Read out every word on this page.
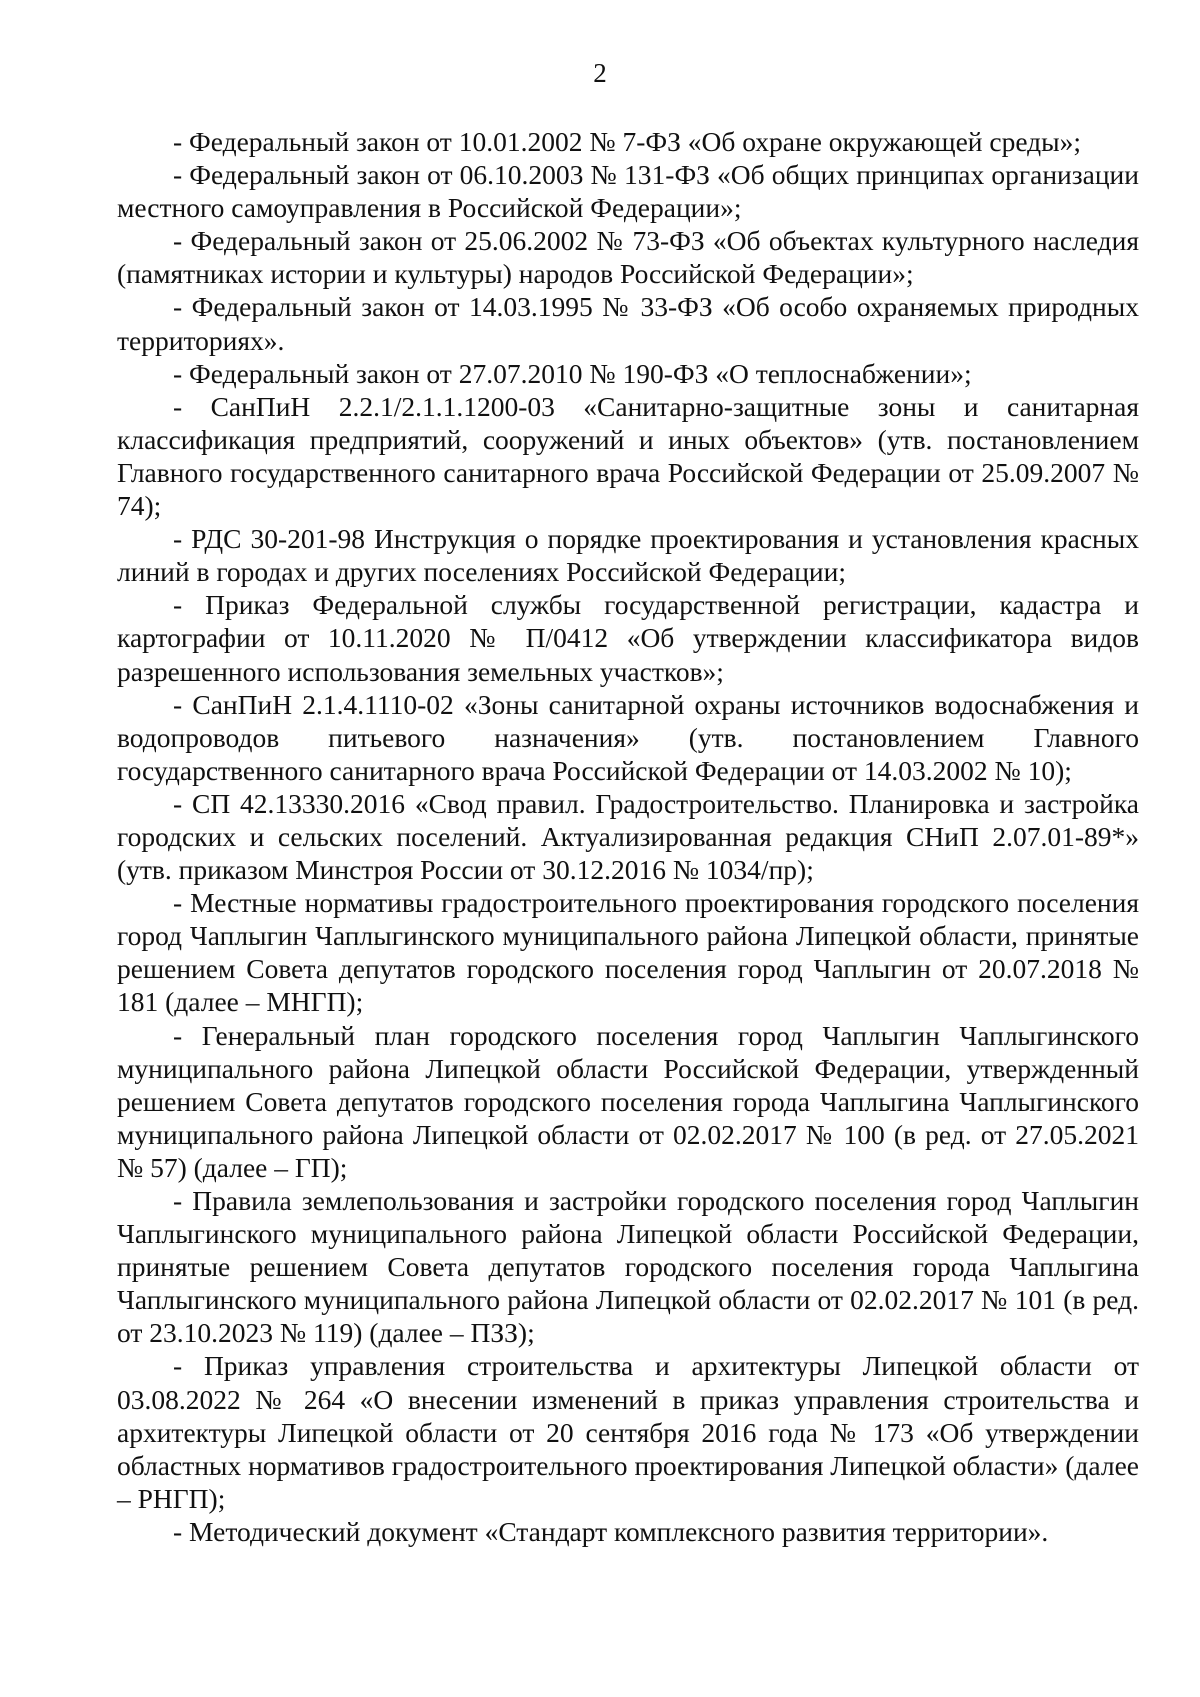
2

- Федеральный закон от 10.01.2002 № 7-ФЗ «Об охране окружающей среды»;

- Федеральный закон от 06.10.2003 № 131-ФЗ «Об общих принципах организации местного самоуправления в Российской Федерации»;

- Федеральный закон от 25.06.2002 № 73-ФЗ «Об объектах культурного наследия (памятниках истории и культуры) народов Российской Федерации»;

- Федеральный закон от 14.03.1995 № 33-ФЗ «Об особо охраняемых природных территориях».

- Федеральный закон от 27.07.2010 № 190-ФЗ «О теплоснабжении»;

- СанПиН 2.2.1/2.1.1.1200-03 «Санитарно-защитные зоны и санитарная классификация предприятий, сооружений и иных объектов» (утв. постановлением Главного государственного санитарного врача Российской Федерации от 25.09.2007 № 74);

- РДС 30-201-98 Инструкция о порядке проектирования и установления красных линий в городах и других поселениях Российской Федерации;

- Приказ Федеральной службы государственной регистрации, кадастра и картографии от 10.11.2020 № П/0412 «Об утверждении классификатора видов разрешенного использования земельных участков»;

- СанПиН 2.1.4.1110-02 «Зоны санитарной охраны источников водоснабжения и водопроводов питьевого назначения» (утв. постановлением Главного государственного санитарного врача Российской Федерации от 14.03.2002 № 10);

- СП 42.13330.2016 «Свод правил. Градостроительство. Планировка и застройка городских и сельских поселений. Актуализированная редакция СНиП 2.07.01-89*» (утв. приказом Минстроя России от 30.12.2016 № 1034/пр);

- Местные нормативы градостроительного проектирования городского поселения город Чаплыгин Чаплыгинского муниципального района Липецкой области, принятые решением Совета депутатов городского поселения город Чаплыгин от 20.07.2018 № 181 (далее – МНГП);

- Генеральный план городского поселения город Чаплыгин Чаплыгинского муниципального района Липецкой области Российской Федерации, утвержденный решением Совета депутатов городского поселения города Чаплыгина Чаплыгинского муниципального района Липецкой области от 02.02.2017 № 100 (в ред. от 27.05.2021 № 57) (далее – ГП);

- Правила землепользования и застройки городского поселения город Чаплыгин Чаплыгинского муниципального района Липецкой области Российской Федерации, принятые решением Совета депутатов городского поселения города Чаплыгина Чаплыгинского муниципального района Липецкой области от 02.02.2017 № 101 (в ред. от 23.10.2023 № 119) (далее – ПЗЗ);

- Приказ управления строительства и архитектуры Липецкой области от 03.08.2022 № 264 «О внесении изменений в приказ управления строительства и архитектуры Липецкой области от 20 сентября 2016 года № 173 «Об утверждении областных нормативов градостроительного проектирования Липецкой области» (далее – РНГП);

- Методический документ «Стандарт комплексного развития территории».
